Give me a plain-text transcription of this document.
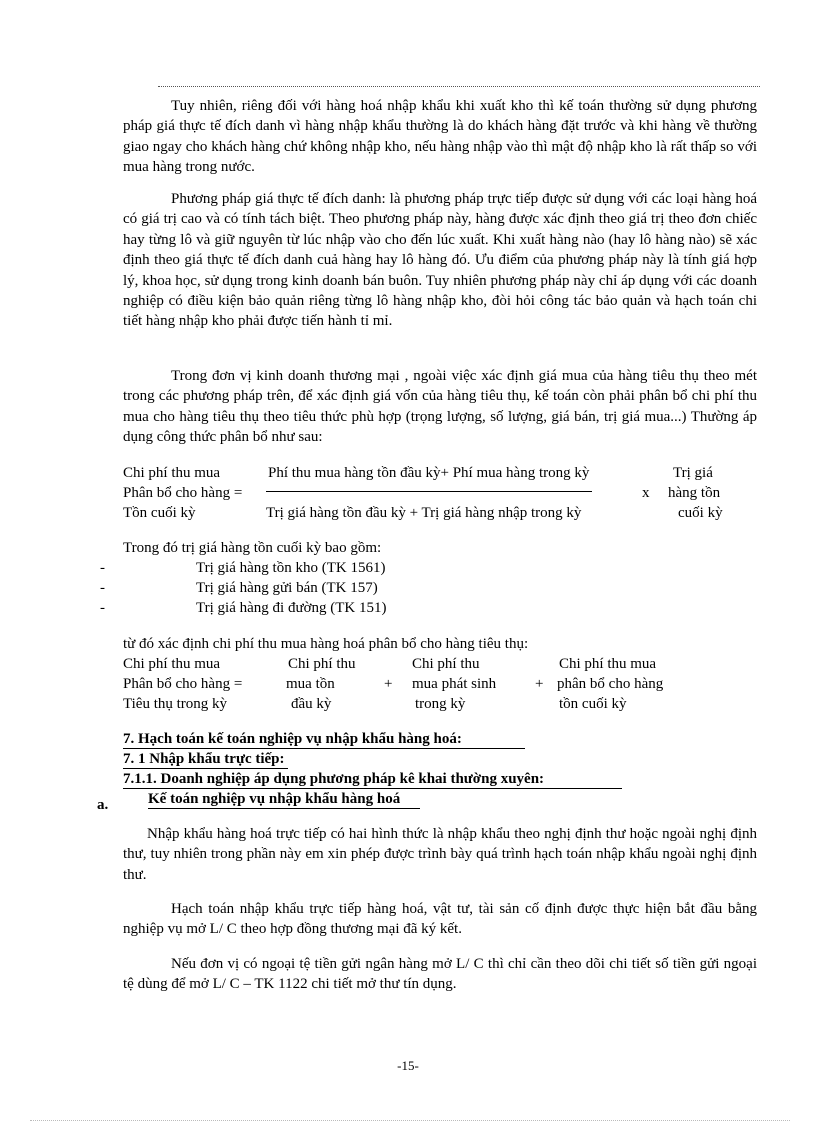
Tuy nhiên, riêng đối với hàng hoá nhập khẩu khi xuất kho thì kế toán thường sử dụng phương pháp giá thực tế đích danh vì hàng nhập khẩu thường là do khách hàng đặt trước và khi hàng về thường giao ngay cho khách hàng chứ không nhập kho, nếu hàng nhập vào thì mật độ nhập kho là rất thấp so với mua hàng trong nước.

Phương pháp giá thực tế đích danh: là phương pháp trực tiếp được sử dụng với các loại hàng hoá có giá trị cao và có tính tách biệt. Theo phương pháp này, hàng được xác định theo giá trị theo đơn chiếc hay từng lô và giữ nguyên từ lúc nhập vào cho đến lúc xuất. Khi xuất hàng nào (hay lô hàng nào) sẽ xác định theo giá thực tế đích danh cuả hàng hay lô hàng đó. Ưu điểm của phương pháp này là tính giá hợp lý, khoa học, sử dụng trong kinh doanh bán buôn. Tuy nhiên phương pháp này chỉ áp dụng với các doanh nghiệp có điều kiện bảo quản riêng từng lô hàng nhập kho, đòi hỏi công tác bảo quản và hạch toán chi tiết hàng nhập kho phải được tiến hành tỉ mỉ.

Trong đơn vị kinh doanh thương mại , ngoài việc xác định giá mua của hàng tiêu thụ theo mét trong các phương pháp trên, để xác định giá vốn của hàng tiêu thụ, kế toán còn phải phân bổ chi phí thu mua cho hàng tiêu thụ theo tiêu thức phù hợp (trọng lượng, số lượng, giá bán, trị giá mua...) Thường áp dụng công thức phân bổ như sau:

Chi phí thu mua
Phân bổ cho hàng =
Tồn cuối kỳ
Phí thu mua hàng tồn đầu kỳ+ Phí mua hàng trong kỳ
Trị giá hàng tồn đầu kỳ + Trị giá hàng nhập trong kỳ
x
Trị giá
hàng tồn
cuối kỳ
Trong đó trị giá hàng tồn cuối kỳ bao gồm:
-	Trị giá hàng tồn kho (TK 1561)
-	Trị giá hàng gửi bán (TK 157)
-	Trị giá hàng đi đường (TK 151)
từ đó xác định chi phí thu mua hàng hoá phân bổ cho hàng tiêu thụ:
Chi phí thu mua
Phân bổ cho hàng =
Tiêu thụ trong kỳ
Chi phí thu
mua tồn
đầu kỳ
+
Chi phí thu
mua phát sinh
trong kỳ
+
Chi phí thu mua
phân bổ cho hàng
tồn cuối kỳ
7. Hạch toán kế toán nghiệp vụ nhập khẩu hàng hoá:
7. 1 Nhập khẩu trực tiếp:
7.1.1. Doanh nghiệp áp dụng phương pháp kê khai thường xuyên:
a.	Kế toán nghiệp vụ nhập khẩu hàng hoá

Nhập khẩu hàng hoá trực tiếp có hai hình thức là nhập khẩu theo nghị định thư hoặc ngoài nghị định thư, tuy nhiên trong phần này em xin phép được trình bày quá trình hạch toán nhập khẩu ngoài nghị định thư.

Hạch toán nhập khẩu trực tiếp hàng hoá, vật tư, tài sản cố định được thực hiện bắt đầu bằng nghiệp vụ mở L/ C theo hợp đồng thương mại đã ký kết.

Nếu đơn vị có ngoại tệ tiền gửi ngân hàng mở L/ C thì chỉ cần theo dõi chi tiết số tiền gửi ngoại tệ dùng để mở L/ C – TK 1122 chi tiết mở thư tín dụng.

-15-
